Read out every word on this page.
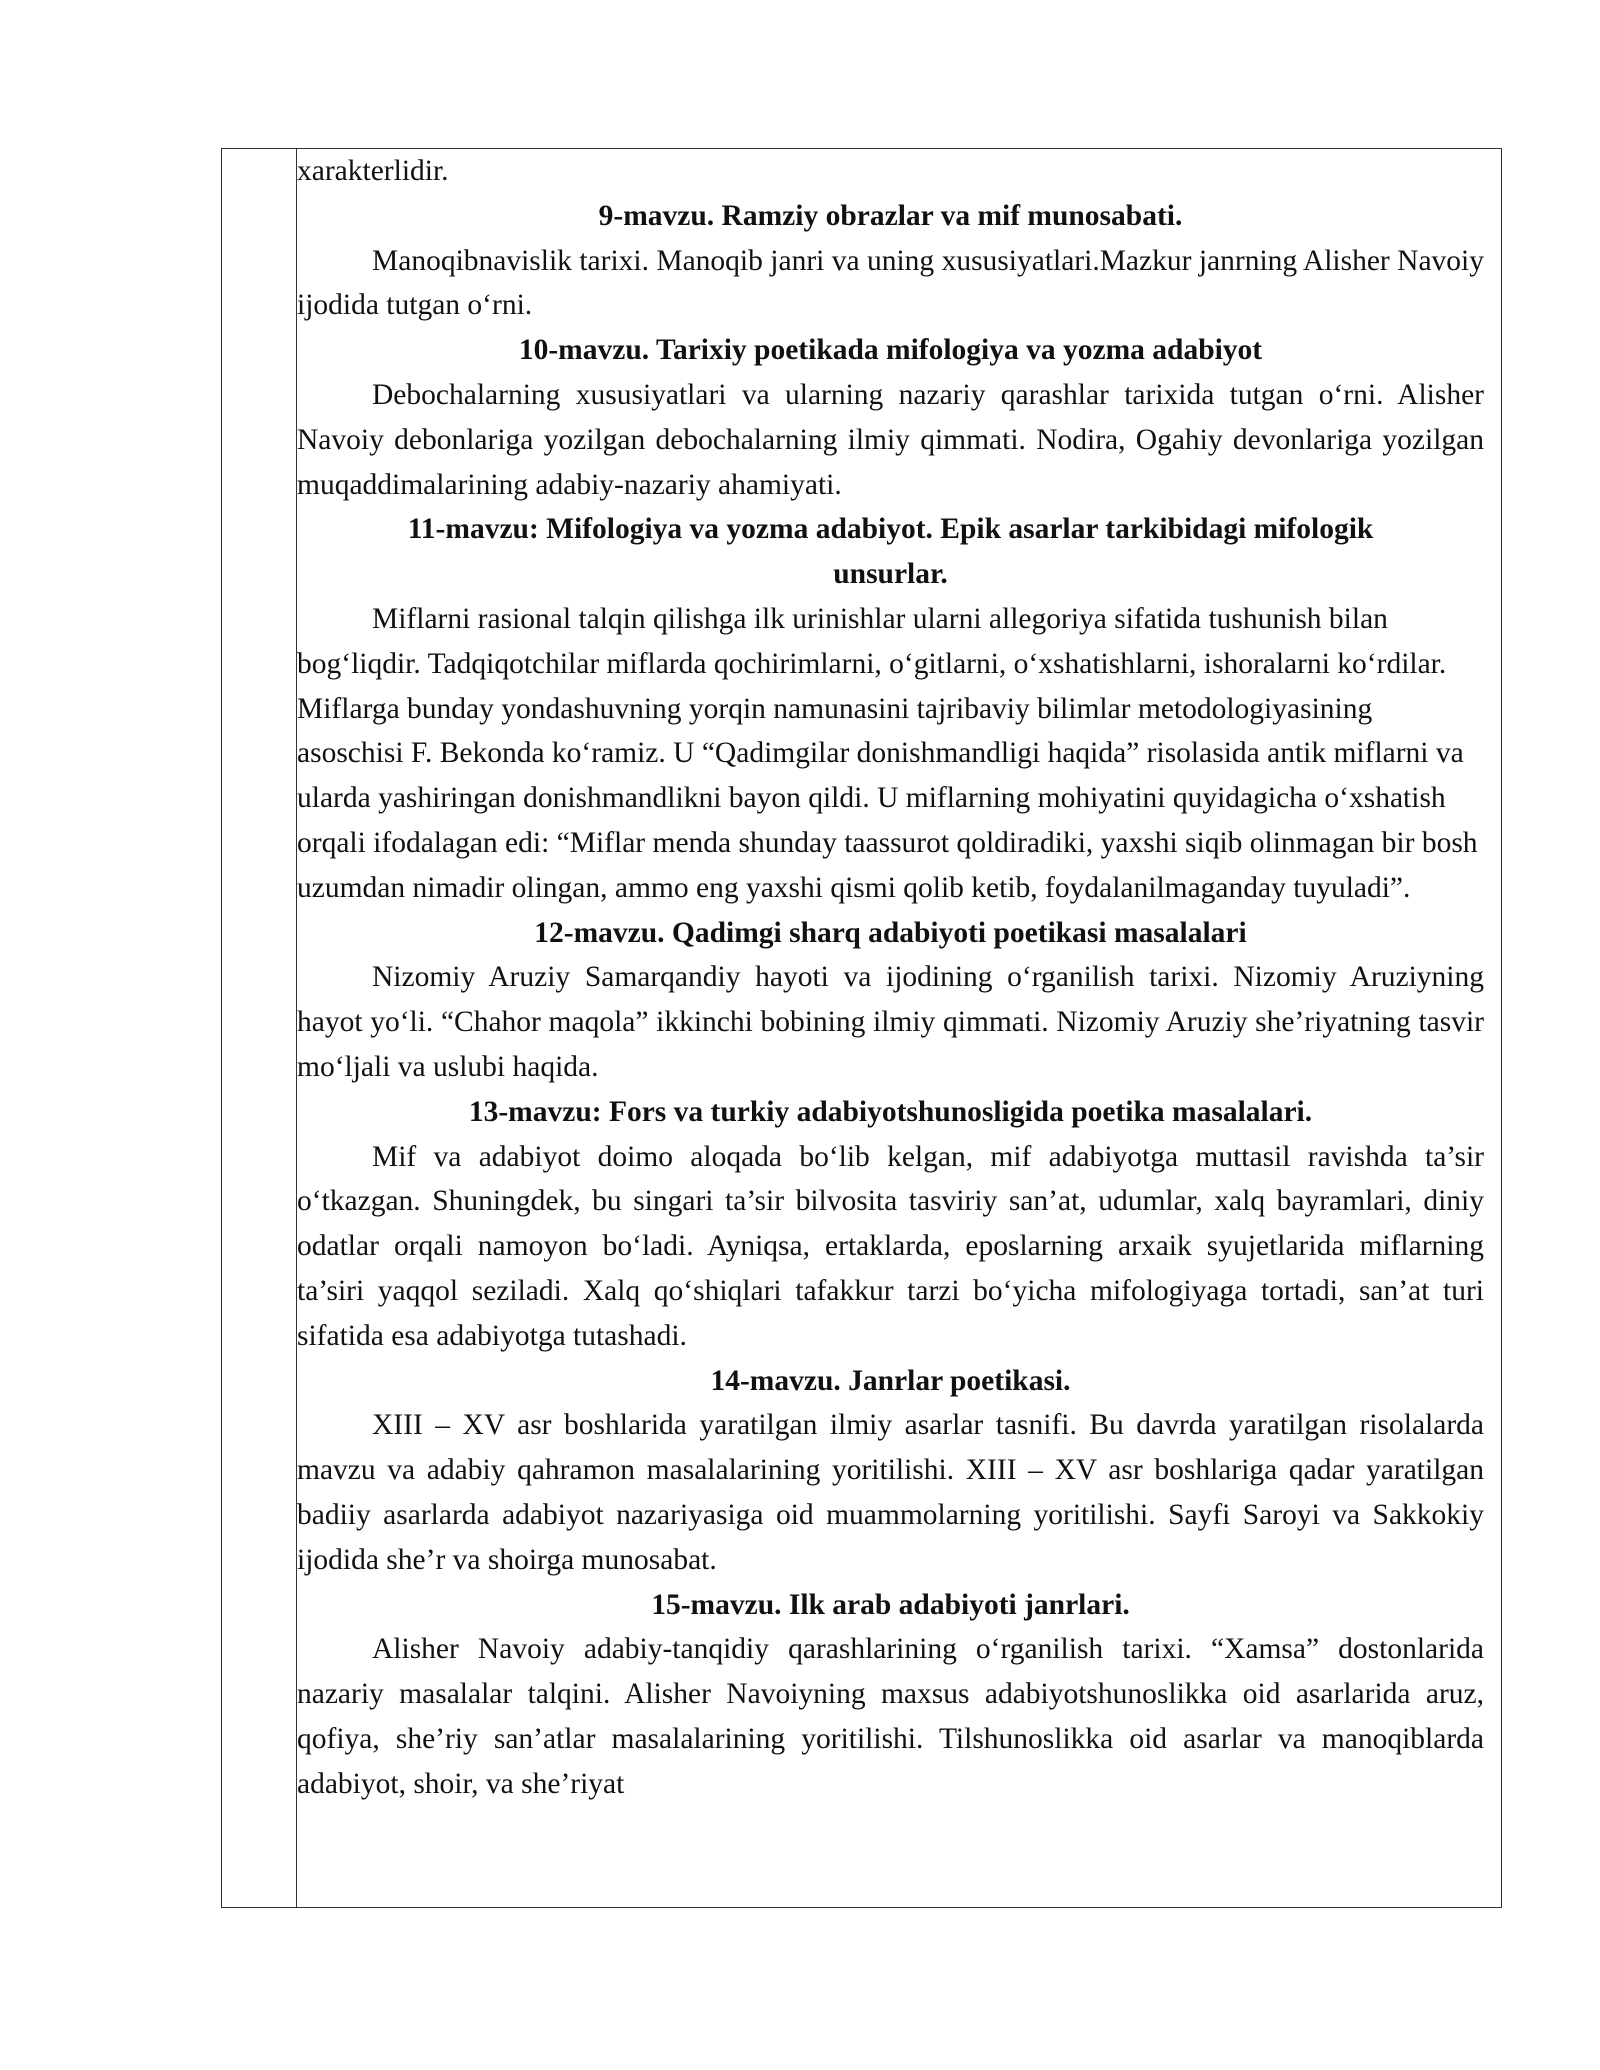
xarakterlidir.

9-mavzu. Ramziy obrazlar va mif munosabati.

Manoqibnavislik tarixi. Manoqib janri va uning xususiyatlari.Mazkur janrning Alisher Navoiy ijodida tutgan o‘rni.

10-mavzu. Tarixiy poetikada mifologiya va yozma adabiyot

Debochalarning xususiyatlari va ularning nazariy qarashlar tarixida tutgan o‘rni. Alisher Navoiy debonlariga yozilgan debochalarning ilmiy qimmati. Nodira, Ogahiy devonlariga yozilgan muqaddimalarining adabiy-nazariy ahamiyati.

11-mavzu: Mifologiya va yozma adabiyot. Epik asarlar tarkibidagi mifologik unsurlar.

Miflarni rasional talqin qilishga ilk urinishlar ularni allegoriya sifatida tushunish bilan bog‘liqdir. Tadqiqotchilar miflarda qochirimlarni, o‘gitlarni, o‘xshatishlarni, ishoralarni ko‘rdilar. Miflarga bunday yondashuvning yorqin namunasini tajribaviy bilimlar metodologiyasining asoschisi F. Bekonda ko‘ramiz. U “Qadimgilar donishmandligi haqida” risolasida antik miflarni va ularda yashiringan donishmandlikni bayon qildi. U miflarning mohiyatini quyidagicha o‘xshatish orqali ifodalagan edi: “Miflar menda shunday taassurot qoldiradiki, yaxshi siqib olinmagan bir bosh uzumdan nimadir olingan, ammo eng yaxshi qismi qolib ketib, foydalanilmaganday tuyuladi”.

12-mavzu. Qadimgi sharq adabiyoti poetikasi masalalari

Nizomiy Aruziy Samarqandiy hayoti va ijodining o‘rganilish tarixi. Nizomiy Aruziyning hayot yo‘li. “Chahor maqola” ikkinchi bobining ilmiy qimmati. Nizomiy Aruziy she’riyatning tasvir mo‘ljali va uslubi haqida.

13-mavzu: Fors va turkiy adabiyotshunosligida poetika masalalari.

Mif va adabiyot doimo aloqada bo‘lib kelgan, mif adabiyotga muttasil ravishda ta’sir o‘tkazgan. Shuningdek, bu singari ta’sir bilvosita tasviriy san’at, udumlar, xalq bayramlari, diniy odatlar orqali namoyon bo‘ladi. Ayniqsa, ertaklarda, eposlarning arxaik syujetlarida miflarning ta’siri yaqqol seziladi. Xalq qo‘shiqlari tafakkur tarzi bo‘yicha mifologiyaga tortadi, san’at turi sifatida esa adabiyotga tutashadi.

14-mavzu. Janrlar poetikasi.

XIII – XV asr boshlarida yaratilgan ilmiy asarlar tasnifi. Bu davrda yaratilgan risolalarda mavzu va adabiy qahramon masalalarining yoritilishi. XIII – XV asr boshlariga qadar yaratilgan badiiy asarlarda adabiyot nazariyasiga oid muammolarning yoritilishi. Sayfi Saroyi va Sakkokiy ijodida she’r va shoirga munosabat.

15-mavzu. Ilk arab adabiyoti janrlari.

Alisher Navoiy adabiy-tanqidiy qarashlarining o‘rganilish tarixi. “Xamsa” dostonlarida nazariy masalalar talqini. Alisher Navoiyning maxsus adabiyotshunoslikka oid asarlarida aruz, qofiya, she’riy san’atlar masalalarining yoritilishi. Tilshunoslikka oid asarlar va manoqiblarda adabiyot, shoir, va she’riyat
